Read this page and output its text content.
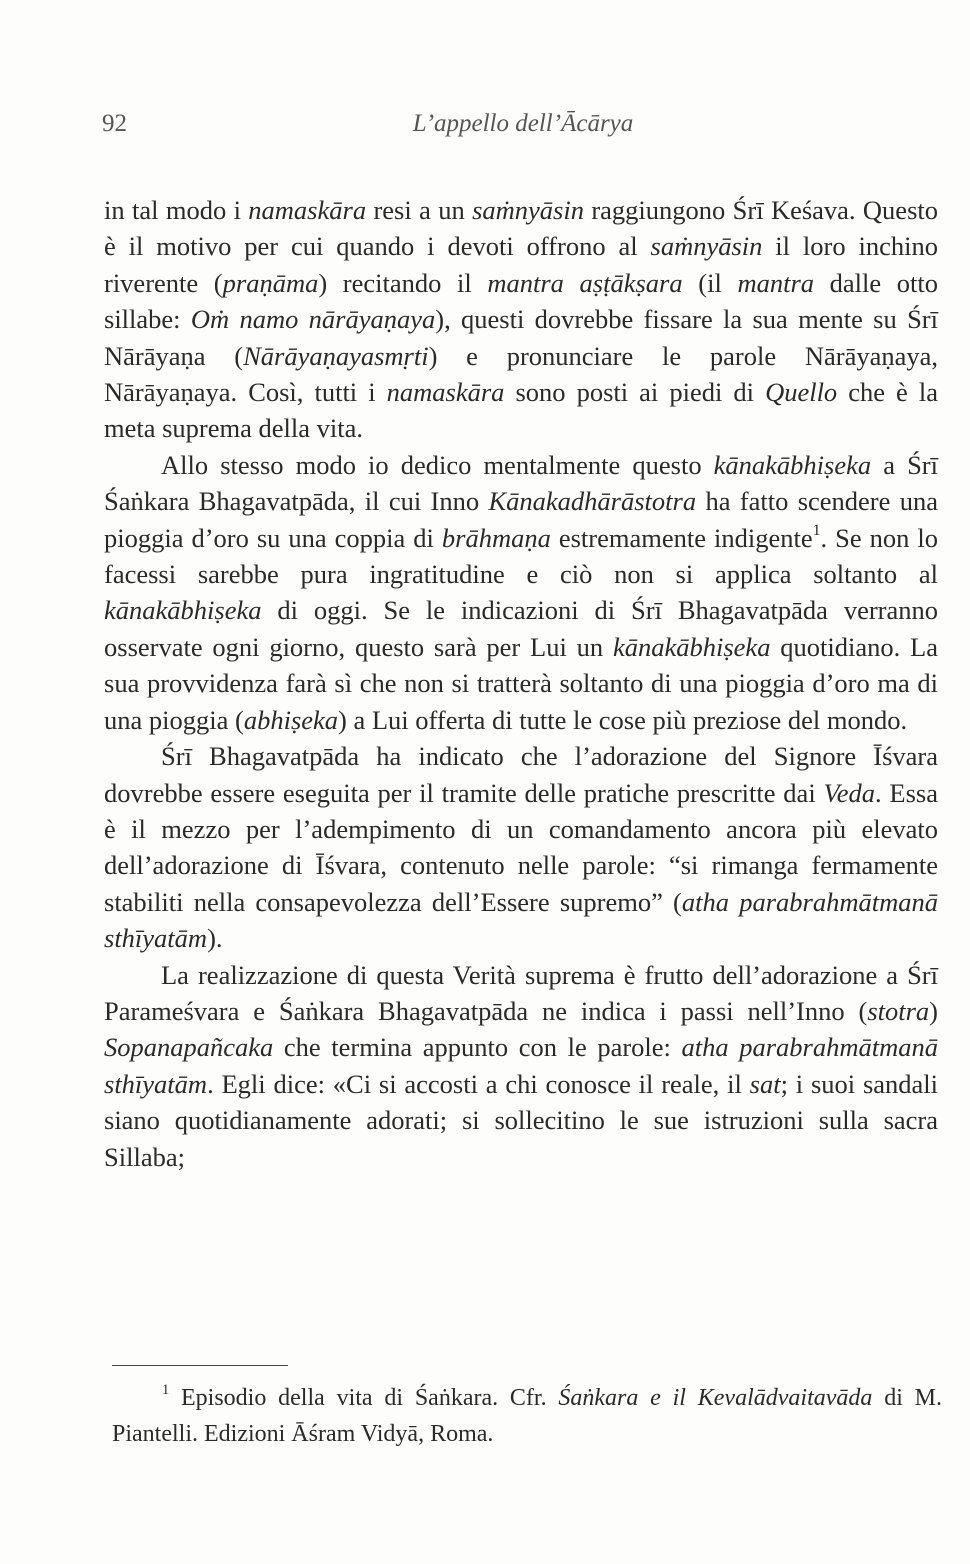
92	L’appello dell’Ācārya

in tal modo i namaskāra resi a un saṁnyāsin raggiungono Śrī Keśava. Questo è il motivo per cui quando i devoti offrono al saṁnyāsin il loro inchino riverente (praṇāma) recitando il mantra aṣṭākṣara (il mantra dalle otto sillabe: Oṁ namo nārāyaṇaya), questi dovrebbe fissare la sua mente su Śrī Nārāyaṇa (Nārāyaṇayasmṛti) e pronunciare le parole Nārāyaṇaya, Nārāyaṇaya. Così, tutti i namaskāra sono posti ai piedi di Quello che è la meta suprema della vita.

Allo stesso modo io dedico mentalmente questo kānakābhiṣeka a Śrī Śaṅkara Bhagavatpāda, il cui Inno Kānakadhārāstotra ha fatto scendere una pioggia d’oro su una coppia di brāhmaṇa estremamente indigente$^1$. Se non lo facessi sarebbe pura ingratitudine e ciò non si applica soltanto al kānakābhiṣeka di oggi. Se le indicazioni di Śrī Bhagavatpāda verranno osservate ogni giorno, questo sarà per Lui un kānakābhiṣeka quotidiano. La sua provvidenza farà sì che non si tratterà soltanto di una pioggia d’oro ma di una pioggia (abhiṣeka) a Lui offerta di tutte le cose più preziose del mondo.

Śrī Bhagavatpāda ha indicato che l’adorazione del Signore Īśvara dovrebbe essere eseguita per il tramite delle pratiche prescritte dai Veda. Essa è il mezzo per l’adempimento di un comandamento ancora più elevato dell’adorazione di Īśvara, contenuto nelle parole: “si rimanga fermamente stabiliti nella consapevolezza dell’Essere supremo” (atha parabrahmātmanā sthīyatām).

La realizzazione di questa Verità suprema è frutto dell’adorazione a Śrī Parameśvara e Śaṅkara Bhagavatpāda ne indica i passi nell’Inno (stotra) Sopanapañcaka che termina appunto con le parole: atha parabrahmātmanā sthīyatām. Egli dice: «Ci si accosti a chi conosce il reale, il sat; i suoi sandali siano quotidianamente adorati; si sollecitino le sue istruzioni sulla sacra Sillaba;

$^1$ Episodio della vita di Śaṅkara. Cfr. Śaṅkara e il Kevalādvaitavāda di M. Piantelli. Edizioni Āśram Vidyā, Roma.
